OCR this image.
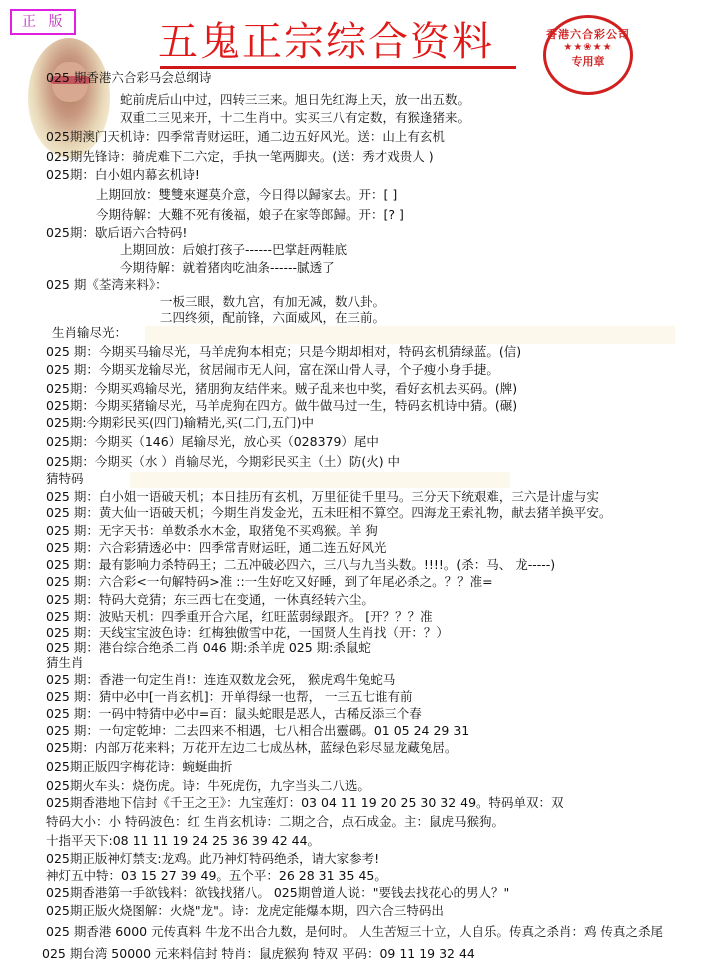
正 版 五鬼正宗综合资料	香港六合彩公司
★★❀★★
专用章
025 期香港六合彩马会总纲诗
蛇前虎后山中过，四转三三来。旭日先红海上天，放一出五数。
双重二三见来开，十二生肖中。实买三八有定数，有猴逢猪来。
025期澳门天机诗：四季常青财运旺，通二边五好风光。送：山上有玄机
025期先锋诗：骑虎难下二六定，手执一笔两脚夹。(送：秀才戏贵人 )
025期：白小姐内幕玄机诗!
上期回放：雙雙來遲莫介意，今日得以歸家去。开：[ ]
今期待解：大難不死有後福，娘子在家等郎歸。开：[? ]
025期：歇后语六合特码!
上期回放：后娘打孩子------巴掌赶两鞋底
今期待解：就着猪肉吃油条------腻透了
025 期《荃湾来料》：
一板三眼，数九宫，有加无减，数八卦。
二四终须，配前锋，六面威风，在三前。
生肖输尽光：
025 期：今期买马输尽光，马羊虎狗本相克；只是今期却相对，特码玄机猜绿蓝。(信)
025 期：今期买龙输尽光，贫居闹市无人问，富在深山骨人寻，个子瘦小身手捷。
025期：今期买鸡输尽光，猪朋狗友结伴来。贼子乱来也中奖，看好玄机去买码。(牌)
025期：今期买猪输尽光，马羊虎狗在四方。做牛做马过一生，特码玄机诗中猜。(碾)
025期:今期彩民买(四门)输精光,买(二门,五门)中
025期：今期买（146）尾输尽光，放心买（028379）尾中
025期：今期买（水 ）肖输尽光，今期彩民买主（土）防(火) 中
猜特码
025 期：白小姐一语破天机；本日挂历有玄机，万里征徒千里马。三分天下统艰难，三六是计虚与实
025 期：黄大仙一语破天机；今期生肖发金光，五未旺相不算空。四海龙王索礼物，献去猪羊换平安。
025 期：无字天书：单数杀水木金，取猪兔不买鸡猴。羊 狗
025 期：六合彩猜透必中：四季常青财运旺，通二连五好风光
025 期：最有影响力杀特码王；二五冲破必四六，三八与九当头数。!!!!。(杀：马、 龙-----)
025 期：六合彩<一句解特码>准 ::一生好吃又好睡，到了年尾必杀之。？？准=
025 期：特码大竞猜；东三西七在变通，一休真经转六尘。
025 期：波贴天机：四季重开合六尾，红旺蓝弱绿跟齐。 [开？？？准
025 期：天线宝宝波色诗：红梅独傲雪中花，一国贤人生肖找（开：？）
025 期：港台综合绝杀二肖 046 期:杀羊虎 025 期:杀鼠蛇
猜生肖
025 期：香港一句定生肖!：连连双数龙会死， 猴虎鸡牛兔蛇马
025 期：猜中必中[一肖玄机]：开单得绿一也帮， 一三五七谁有前
025 期：一码中特猜中必中=百：鼠头蛇眼是恶人，古稀反添三个春
025 期：一句定乾坤：二去四来不相遇，七八相合出靈碼。01 05 24 29 31
025期：内部万花来料；万花开左边二七成丛林，蓝绿色彩尽显龙藏兔居。
025期正版四字梅花诗：蜿蜒曲折
025期火车头：烧伤虎。诗：牛死虎伤，九字当头二八选。
025期香港地下信封《千王之王》：九宝莲灯：03 04 11 19 20 25 30 32 49。特码单双：双
特码大小：小 特码波色：红 生肖玄机诗：二期之合，点石成金。主：鼠虎马猴狗。
十指平天下:08 11 11 19 24 25 36 39 42 44。
025期正版神灯禁支:龙鸡。此乃神灯特码绝杀，请大家参考!
神灯五中特：03 15 27 39 49。五个平：26 28 31 35 45。
025期香港第一手欲钱料：欲钱找猪八。 025期曾道人说："要钱去找花心的男人？"
025期正版火烧图解：火烧"龙"。诗：龙虎定能爆本期，四六合三特码出
025 期香港 6000 元传真料 牛龙不出合九数，是何时。 人生苦短三十立，人自乐。传真之杀肖：鸡 传真之杀尾
025 期台湾 50000 元来料信封 特肖：鼠虎猴狗 特双 平码：09 11 19 32 44
